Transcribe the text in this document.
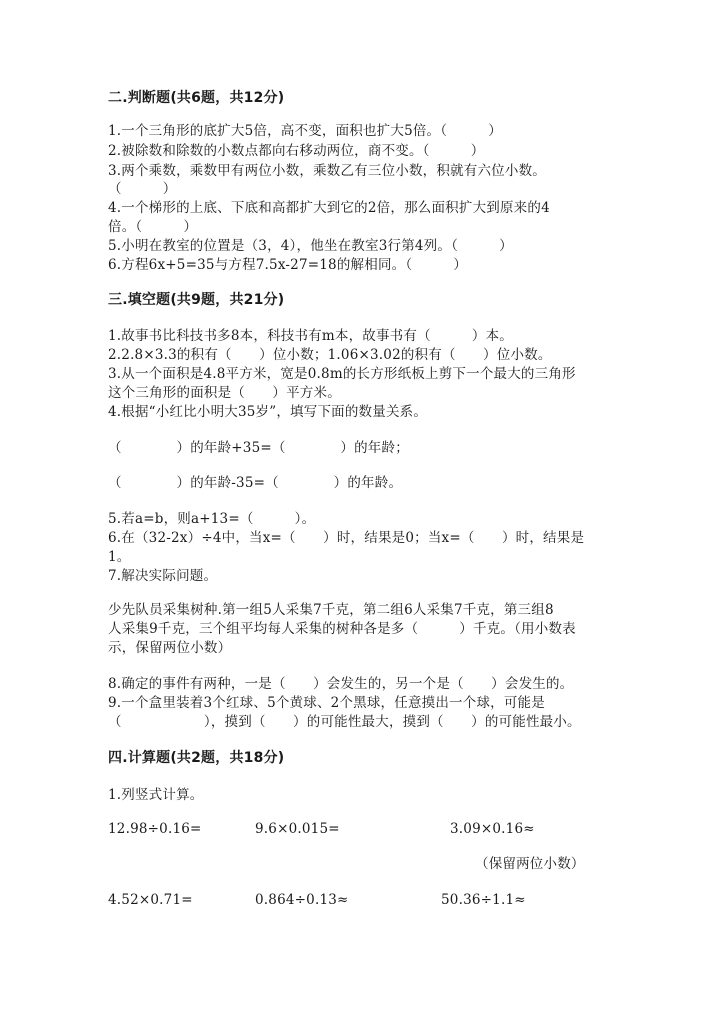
二.判断题(共6题，共12分)
1.一个三角形的底扩大5倍，高不变，面积也扩大5倍。（　　　）
2.被除数和除数的小数点都向右移动两位，商不变。（　　　）
3.两个乘数，乘数甲有两位小数，乘数乙有三位小数，积就有六位小数。
（　　　）
4.一个梯形的上底、下底和高都扩大到它的2倍，那么面积扩大到原来的4
倍。（　　　）
5.小明在教室的位置是（3，4），他坐在教室3行第4列。（　　　）
6.方程6x+5=35与方程7.5x-27=18的解相同。（　　　）
三.填空题(共9题，共21分)
1.故事书比科技书多8本，科技书有m本，故事书有（　　　）本。
2.2.8×3.3的积有（　　）位小数；1.06×3.02的积有（　　）位小数。
3.从一个面积是4.8平方米，宽是0.8m的长方形纸板上剪下一个最大的三角形
这个三角形的面积是（　　）平方米。
4.根据“小红比小明大35岁”，填写下面的数量关系。
（　　　　）的年龄+35=（　　　　）的年龄；
（　　　　）的年龄-35=（　　　　）的年龄。
5.若a=b，则a+13=（　　　）。
6.在（32-2x）÷4中，当x=（　　）时，结果是0；当x=（　　）时，结果是
1。
7.解决实际问题。
少先队员采集树种.第一组5人采集7千克，第二组6人采集7千克，第三组8
人采集9千克，三个组平均每人采集的树种各是多（　　　）千克。（用小数表
示，保留两位小数）
8.确定的事件有两种，一是（　　）会发生的，另一个是（　　）会发生的。
9.一个盒里装着3个红球、5个黄球、2个黑球，任意摸出一个球，可能是
（　　　　　　），摸到（　　）的可能性最大，摸到（　　）的可能性最小。
四.计算题(共2题，共18分)
1.列竖式计算。
12.98÷0.16=	9.6×0.015=	3.09×0.16≈
（保留两位小数）
4.52×0.71=	0.864÷0.13≈	50.36÷1.1≈
